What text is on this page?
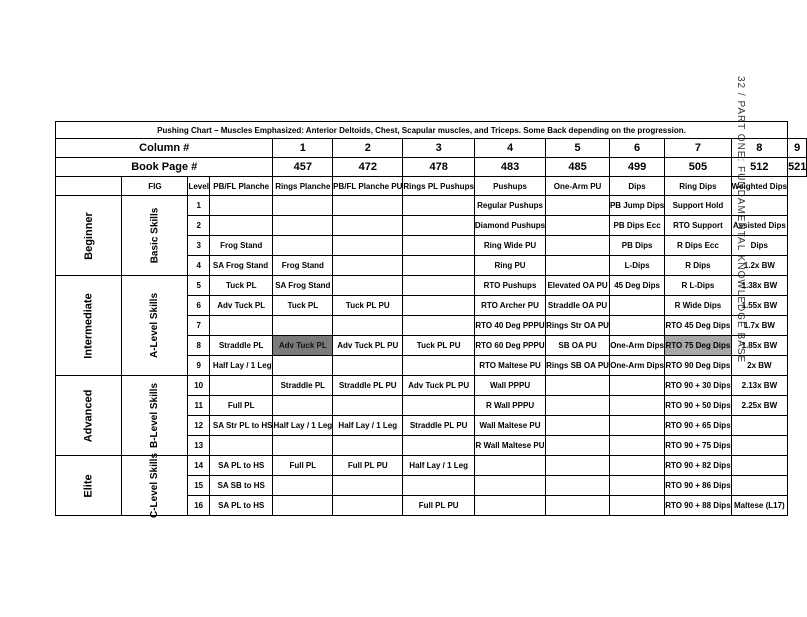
32 / PART ONE: FUNDAMENTAL KNOWLEDGE BASE
Pushing Chart – Muscles Emphasized: Anterior Deltoids, Chest, Scapular muscles, and Triceps. Some Back depending on the progression.												
Column #				1	2	3	4	5	6	7	8	9
Book Page #				457	472	478	483	485	499	505	512	521
	FIG	Level	PB/FL Planche	Rings Planche	PB/FL Planche PU	Rings PL Pushups	Pushups	One-Arm PU	Dips	Ring Dips	Weighted Dips	
Beginner	Basic Skills	1					Regular Pushups		PB Jump Dips	Support Hold		
		2					Diamond Pushups		PB Dips Ecc	RTO Support	Assisted Dips	
		3	Frog Stand				Ring Wide PU		PB Dips	R Dips Ecc	Dips	
		4	SA Frog Stand	Frog Stand			Ring PU		L-Dips	R Dips	1.2x BW	
Intermediate	A-Level Skills	5	Tuck PL	SA Frog Stand			RTO Pushups	Elevated OA PU	45 Deg Dips	R L-Dips	1.38x BW	
		6	Adv Tuck PL	Tuck PL	Tuck PL PU		RTO Archer PU	Straddle OA PU		R Wide Dips	1.55x BW	
		7					RTO 40 Deg PPPU	Rings Str OA PU		RTO 45 Deg Dips	1.7x BW	
		8	Straddle PL	Adv Tuck PL	Adv Tuck PL PU	Tuck PL PU	RTO 60 Deg PPPU	SB OA PU	One-Arm Dips	RTO 75 Deg Dips	1.85x BW	
		9	Half Lay / 1 Leg				RTO Maltese PU	Rings SB OA PU	One-Arm Dips	RTO 90 Deg Dips	2x BW	
Advanced	B-Level Skills	10		Straddle PL	Straddle PL PU	Adv Tuck PL PU	Wall PPPU			RTO 90 + 30 Dips	2.13x BW	
		11	Full PL				R Wall PPPU			RTO 90 + 50 Dips	2.25x BW	
		12	SA Str PL to HS	Half Lay / 1 Leg	Half Lay / 1 Leg	Straddle PL PU	Wall Maltese PU			RTO 90 + 65 Dips		
		13					R Wall Maltese PU			RTO 90 + 75 Dips		
Elite	C-Level Skills	14	SA PL to HS	Full PL	Full PL PU	Half Lay / 1 Leg				RTO 90 + 82 Dips		
		15	SA SB to HS							RTO 90 + 86 Dips		
		16	SA PL to HS			Full PL PU				RTO 90 + 88 Dips	Maltese (L17)	
